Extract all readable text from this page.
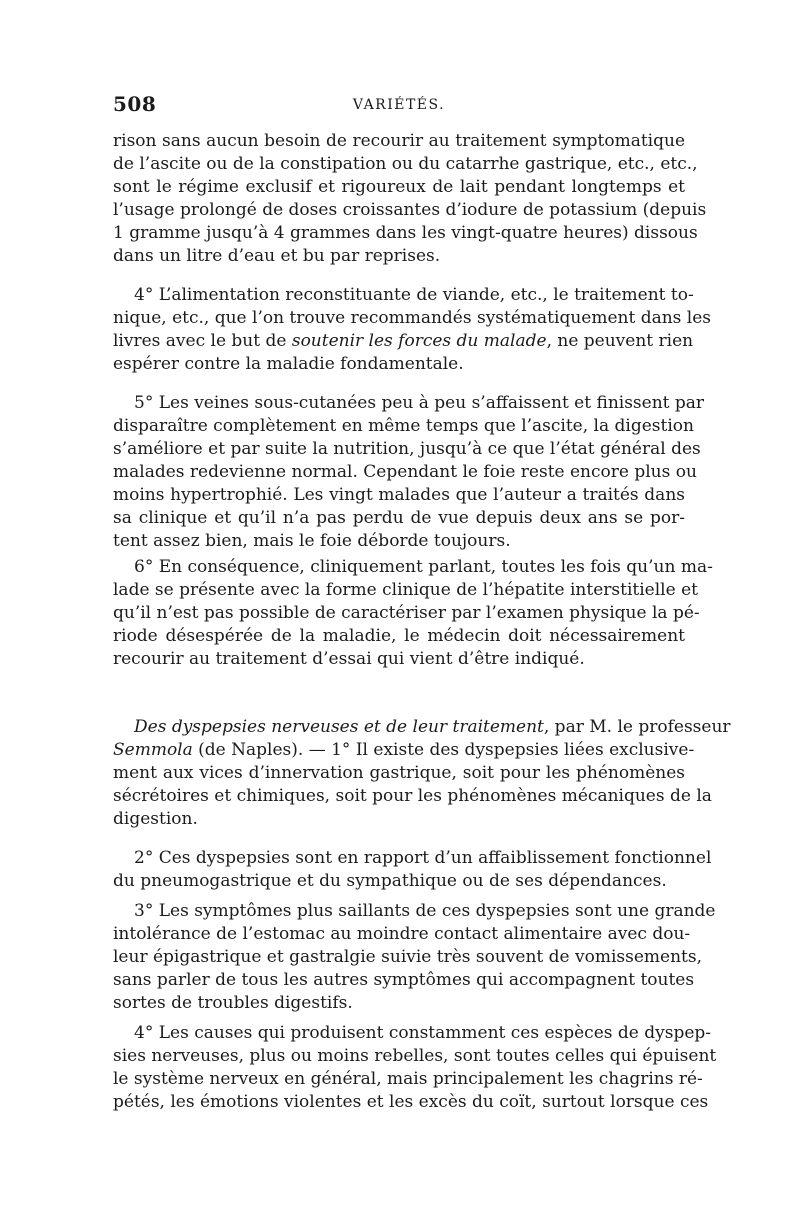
508	VARIÉTÉS.
rison sans aucun besoin de recourir au traitement symptomatique
de l’ascite ou de la constipation ou du catarrhe gastrique, etc., etc.,
sont le régime exclusif et rigoureux de lait pendant longtemps et
l’usage prolongé de doses croissantes d’iodure de potassium (depuis
1 gramme jusqu’à 4 grammes dans les vingt-quatre heures) dissous
dans un litre d’eau et bu par reprises.
4° L’alimentation reconstituante de viande, etc., le traitement to-
nique, etc., que l’on trouve recommandés systématiquement dans les
livres avec le but de soutenir les forces du malade, ne peuvent rien
espérer contre la maladie fondamentale.
5° Les veines sous-cutanées peu à peu s’affaissent et finissent par
disparaître complètement en même temps que l’ascite, la digestion
s’améliore et par suite la nutrition, jusqu’à ce que l’état général des
malades redevienne normal. Cependant le foie reste encore plus ou
moins hypertrophié. Les vingt malades que l’auteur a traités dans
sa clinique et qu’il n’a pas perdu de vue depuis deux ans se por-
tent assez bien, mais le foie déborde toujours.
6° En conséquence, cliniquement parlant, toutes les fois qu’un ma-
lade se présente avec la forme clinique de l’hépatite interstitielle et
qu’il n’est pas possible de caractériser par l’examen physique la pé-
riode désespérée de la maladie, le médecin doit nécessairement
recourir au traitement d’essai qui vient d’être indiqué.
Des dyspepsies nerveuses et de leur traitement, par M. le professeur
Semmola (de Naples). — 1° Il existe des dyspepsies liées exclusive-
ment aux vices d’innervation gastrique, soit pour les phénomènes
sécrétoires et chimiques, soit pour les phénomènes mécaniques de la
digestion.
2° Ces dyspepsies sont en rapport d’un affaiblissement fonctionnel
du pneumogastrique et du sympathique ou de ses dépendances.
3° Les symptômes plus saillants de ces dyspepsies sont une grande
intolérance de l’estomac au moindre contact alimentaire avec dou-
leur épigastrique et gastralgie suivie très souvent de vomissements,
sans parler de tous les autres symptômes qui accompagnent toutes
sortes de troubles digestifs.
4° Les causes qui produisent constamment ces espèces de dyspep-
sies nerveuses, plus ou moins rebelles, sont toutes celles qui épuisent
le système nerveux en général, mais principalement les chagrins ré-
pétés, les émotions violentes et les excès du coït, surtout lorsque ces
